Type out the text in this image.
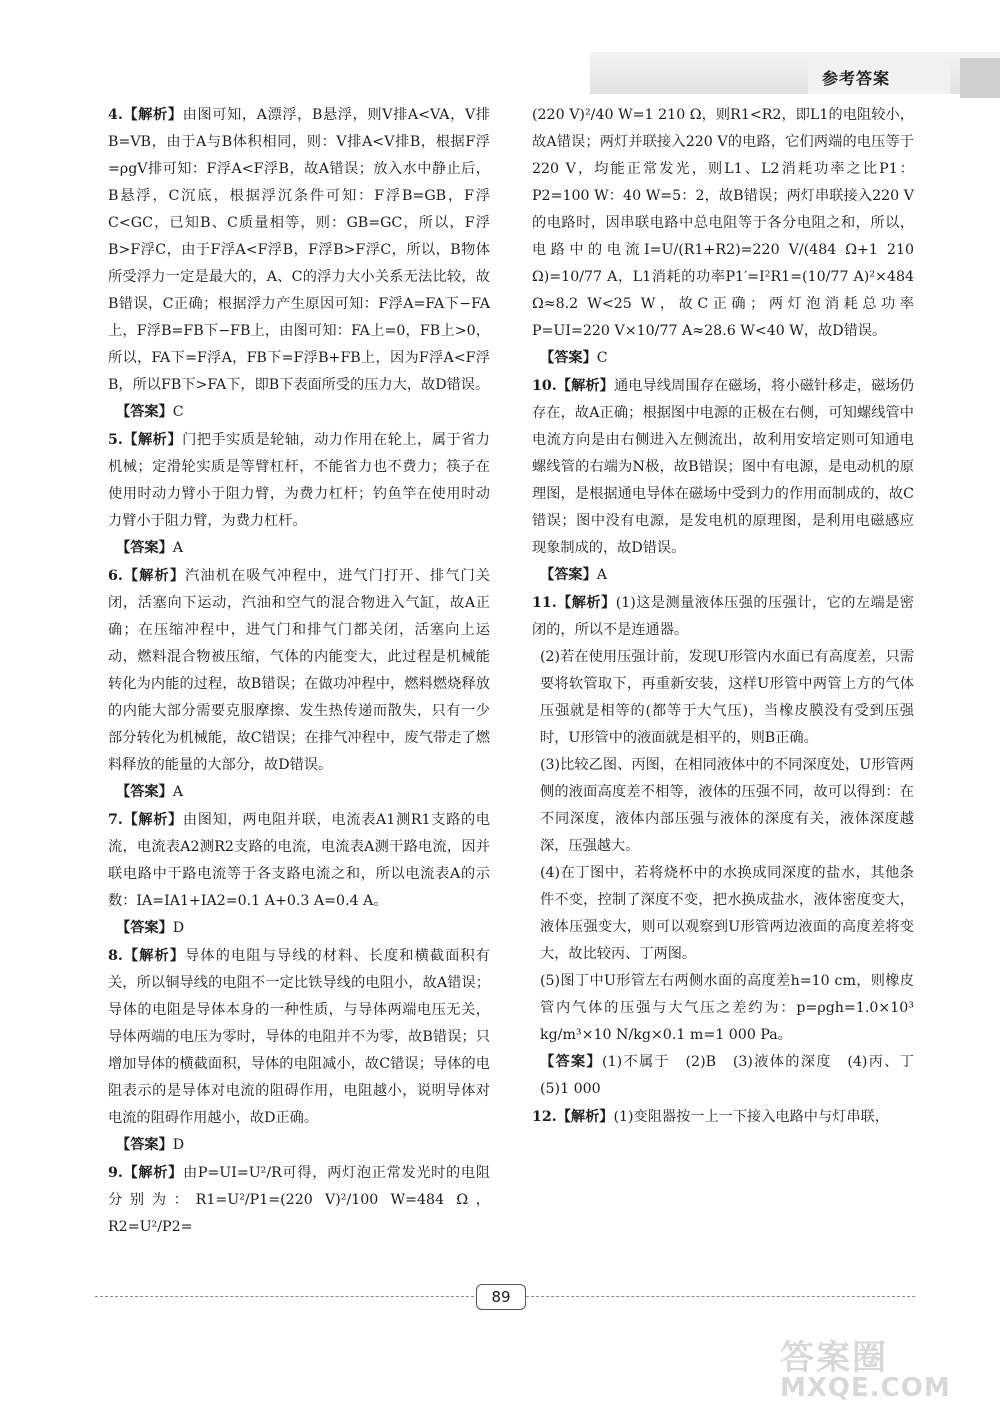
参考答案
4.【解析】由图可知，A漂浮，B悬浮，则V排A<VA，V排B=VB，由于A与B体积相同，则：V排A<V排B，根据F浮=ρgV排可知：F浮A<F浮B，故A错误；放入水中静止后，B悬浮，C沉底，根据浮沉条件可知：F浮B=GB，F浮C<GC，已知B、C质量相等，则：GB=GC，所以，F浮B>F浮C，由于F浮A<F浮B，F浮B>F浮C，所以，B物体所受浮力一定是最大的，A、C的浮力大小关系无法比较，故B错误，C正确；根据浮力产生原因可知：F浮A=FA下−FA上，F浮B=FB下−FB上，由图可知：FA上=0，FB上>0，所以，FA下=F浮A，FB下=F浮B+FB上，因为F浮A<F浮B，所以FB下>FA下，即B下表面所受的压力大，故D错误。
【答案】C
5.【解析】门把手实质是轮轴，动力作用在轮上，属于省力机械；定滑轮实质是等臂杠杆，不能省力也不费力；筷子在使用时动力臂小于阻力臂，为费力杠杆；钓鱼竿在使用时动力臂小于阻力臂，为费力杠杆。
【答案】A
6.【解析】汽油机在吸气冲程中，进气门打开、排气门关闭，活塞向下运动，汽油和空气的混合物进入气缸，故A正确；在压缩冲程中，进气门和排气门都关闭，活塞向上运动，燃料混合物被压缩，气体的内能变大，此过程是机械能转化为内能的过程，故B错误；在做功冲程中，燃料燃烧释放的内能大部分需要克服摩擦、发生热传递而散失，只有一少部分转化为机械能，故C错误；在排气冲程中，废气带走了燃料释放的能量的大部分，故D错误。
【答案】A
7.【解析】由图知，两电阻并联，电流表A1测R1支路的电流，电流表A2测R2支路的电流，电流表A测干路电流，因并联电路中干路电流等于各支路电流之和，所以电流表A的示数：IA=IA1+IA2=0.1 A+0.3 A=0.4 A。
【答案】D
8.【解析】导体的电阻与导线的材料、长度和横截面积有关，所以铜导线的电阻不一定比铁导线的电阻小，故A错误；导体的电阻是导体本身的一种性质，与导体两端电压无关，导体两端的电压为零时，导体的电阻并不为零，故B错误；只增加导体的横截面积，导体的电阻减小，故C错误；导体的电阻表示的是导体对电流的阻碍作用，电阻越小，说明导体对电流的阻碍作用越小，故D正确。
【答案】D
9.【解析】由P=UI=U²/R可得，两灯泡正常发光时的电阻分别为：R1=U²/P1=(220 V)²/100 W=484 Ω，R2=U²/P2=
(220 V)²/40 W=1 210 Ω，则R1<R2，即L1的电阻较小，故A错误；两灯并联接入220 V的电路，它们两端的电压等于220 V，均能正常发光，则L1、L2消耗功率之比P1：P2=100 W：40 W=5：2，故B错误；两灯串联接入220 V的电路时，因串联电路中总电阻等于各分电阻之和，所以，电路中的电流I=U/(R1+R2)=220 V/(484 Ω+1 210 Ω)=10/77 A，L1消耗的功率P1′=I²R1=(10/77 A)²×484 Ω≈8.2 W<25 W，故C正确；两灯泡消耗总功率P=UI=220 V×10/77 A≈28.6 W<40 W，故D错误。
【答案】C
10.【解析】通电导线周围存在磁场，将小磁针移走，磁场仍存在，故A正确；根据图中电源的正极在右侧，可知螺线管中电流方向是由右侧进入左侧流出，故利用安培定则可知通电螺线管的右端为N极，故B错误；图中有电源，是电动机的原理图，是根据通电导体在磁场中受到力的作用而制成的，故C错误；图中没有电源，是发电机的原理图，是利用电磁感应现象制成的，故D错误。
【答案】A
11.【解析】(1)这是测量液体压强的压强计，它的左端是密闭的，所以不是连通器。
(2)若在使用压强计前，发现U形管内水面已有高度差，只需要将软管取下，再重新安装，这样U形管中两管上方的气体压强就是相等的(都等于大气压)，当橡皮膜没有受到压强时，U形管中的液面就是相平的，则B正确。
(3)比较乙图、丙图，在相同液体中的不同深度处，U形管两侧的液面高度差不相等，液体的压强不同，故可以得到：在不同深度，液体内部压强与液体的深度有关，液体深度越深，压强越大。
(4)在丁图中，若将烧杯中的水换成同深度的盐水，其他条件不变，控制了深度不变，把水换成盐水，液体密度变大，液体压强变大，则可以观察到U形管两边液面的高度差将变大，故比较丙、丁两图。
(5)图丁中U形管左右两侧水面的高度差h=10 cm，则橡皮管内气体的压强与大气压之差约为：p=ρgh=1.0×10³ kg/m³×10 N/kg×0.1 m=1 000 Pa。
【答案】(1)不属于　(2)B　(3)液体的深度　(4)丙、丁　(5)1 000
12.【解析】(1)变阻器按一上一下接入电路中与灯串联，
89
答案圈
MXQE.COM
